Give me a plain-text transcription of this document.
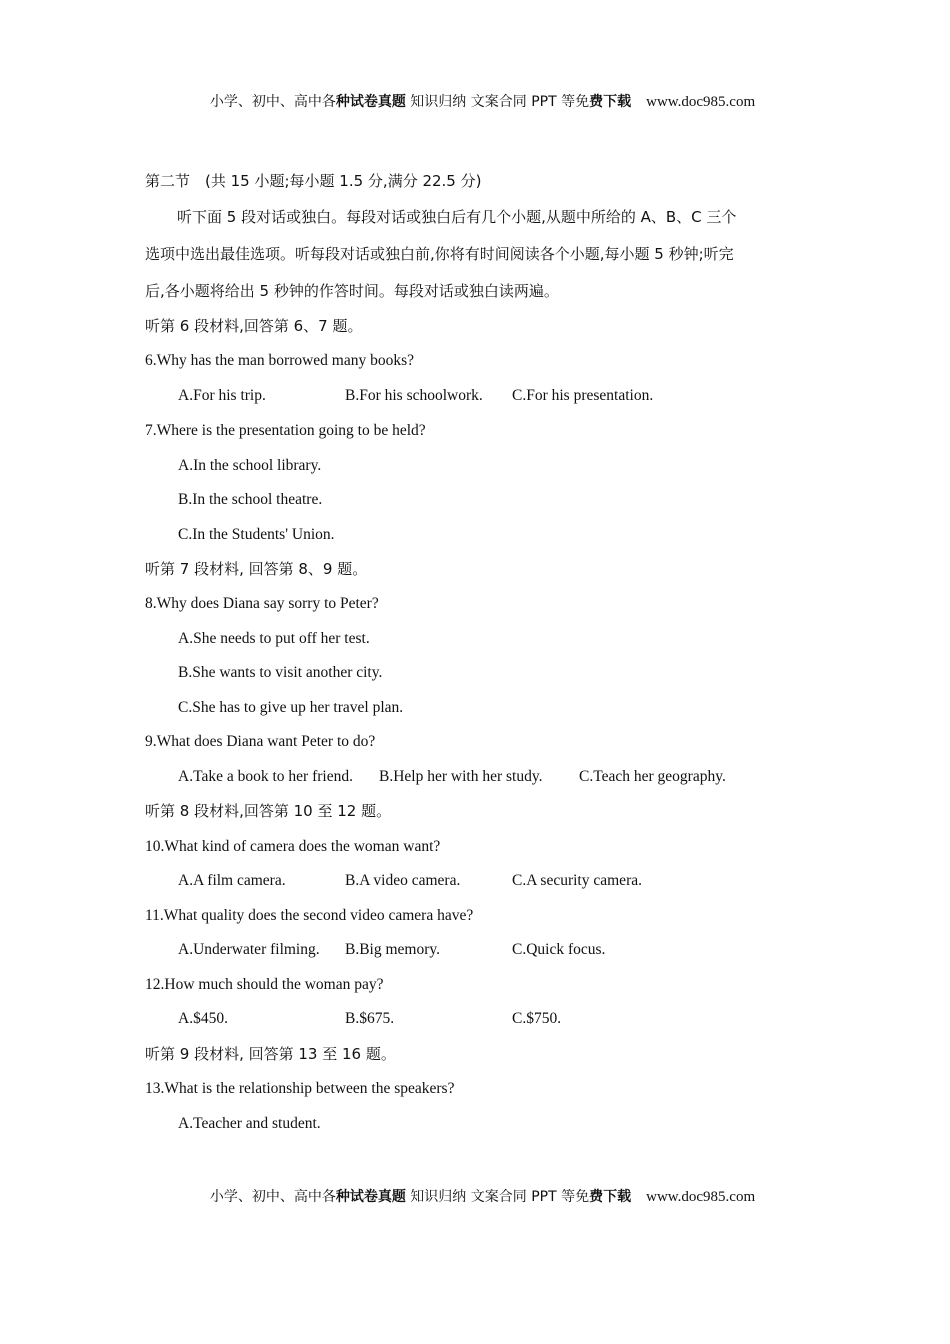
小学、初中、高中各种试卷真题 知识归纳 文案合同 PPT 等免费下载 www.doc985.com

第二节　(共 15 小题;每小题 1.5 分,满分 22.5 分)
听下面 5 段对话或独白。每段对话或独白后有几个小题,从题中所给的 A、B、C 三个
选项中选出最佳选项。听每段对话或独白前,你将有时间阅读各个小题,每小题 5 秒钟;听完
后,各小题将给出 5 秒钟的作答时间。每段对话或独白读两遍。
听第 6 段材料,回答第 6、7 题。
6.Why has the man borrowed many books?
A.For his trip.	B.For his schoolwork. C.For his presentation.
7.Where is the presentation going to be held?
A.In the school library.
B.In the school theatre.
C.In the Students' Union.
听第 7 段材料, 回答第 8、9 题。
8.Why does Diana say sorry to Peter?
A.She needs to put off her test.
B.She wants to visit another city.
C.She has to give up her travel plan.
9.What does Diana want Peter to do?
A.Take a book to her friend. B.Help her with her study. C.Teach her geography.
听第 8 段材料,回答第 10 至 12 题。
10.What kind of camera does the woman want?
A.A film camera.	B.A video camera.	C.A security camera.
11.What quality does the second video camera have?
A.Underwater filming. B.Big memory.	C.Quick focus.
12.How much should the woman pay?
A.$450.	B.$675.	C.$750.
听第 9 段材料, 回答第 13 至 16 题。
13.What is the relationship between the speakers?
A.Teacher and student.

小学、初中、高中各种试卷真题 知识归纳 文案合同 PPT 等免费下载 www.doc985.com
